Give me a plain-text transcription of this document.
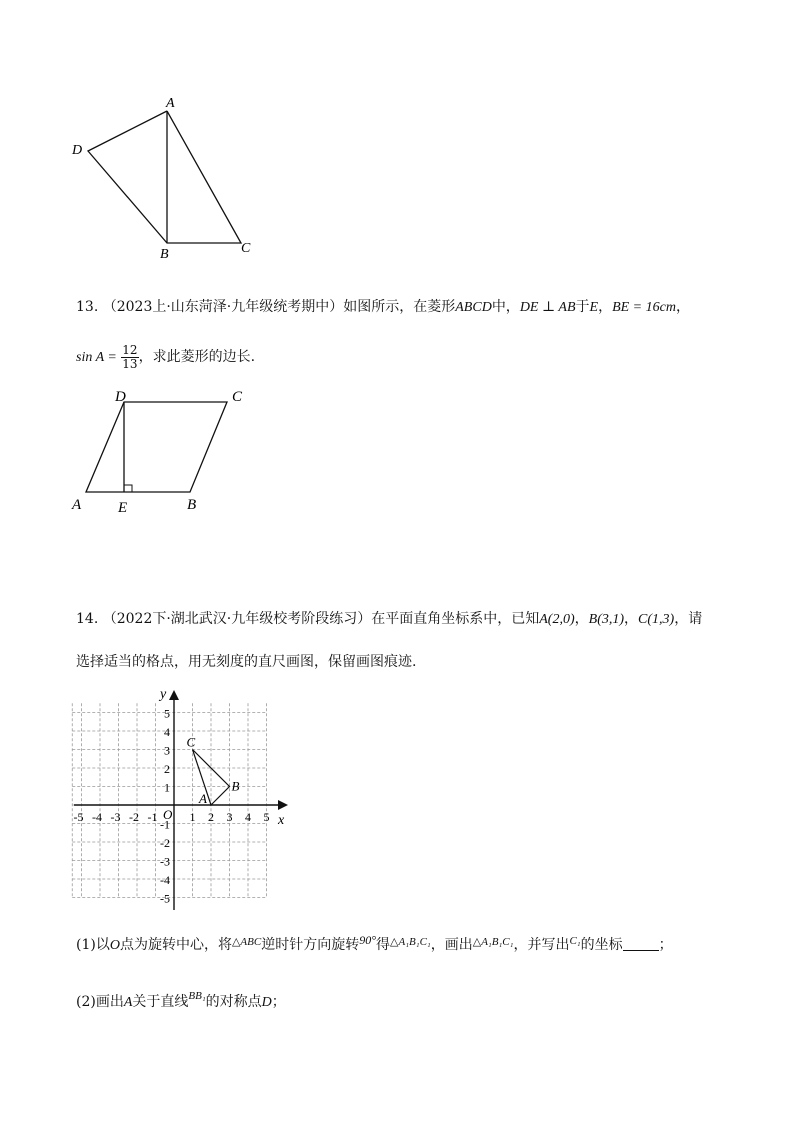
A
D
B	C
13. （2023上·山东菏泽·九年级统考期中）如图所示，在菱形ABCD中，DE ⊥ AB于E，BE = 16cm，
$\sin A = \frac{12}{13}$ ，求此菱形的边长.
D	C
A E	B
14. （2022下·湖北武汉·九年级校考阶段练习）在平面直角坐标系中，已知A(2,0)，B(3,1)，C(1,3)，请
选择适当的格点，用无刻度的直尺画图，保留画图痕迹.
x
y
O
-5 -4 -3 -2 -1	1 2 3 4 5
5
4
3
2
1
-1
-2
-3
-4
-5
A
B
C
(1)以O点为旋转中心，将$^{\triangle ABC}$逆时针方向旋转90°得$^{\triangle A_1B_1C_1}$，画出$^{\triangle A_1B_1C_1}$，并写出$^{C_1}$的坐标	；
(2)画出A关于直线$^{BB_1}$的对称点D；
